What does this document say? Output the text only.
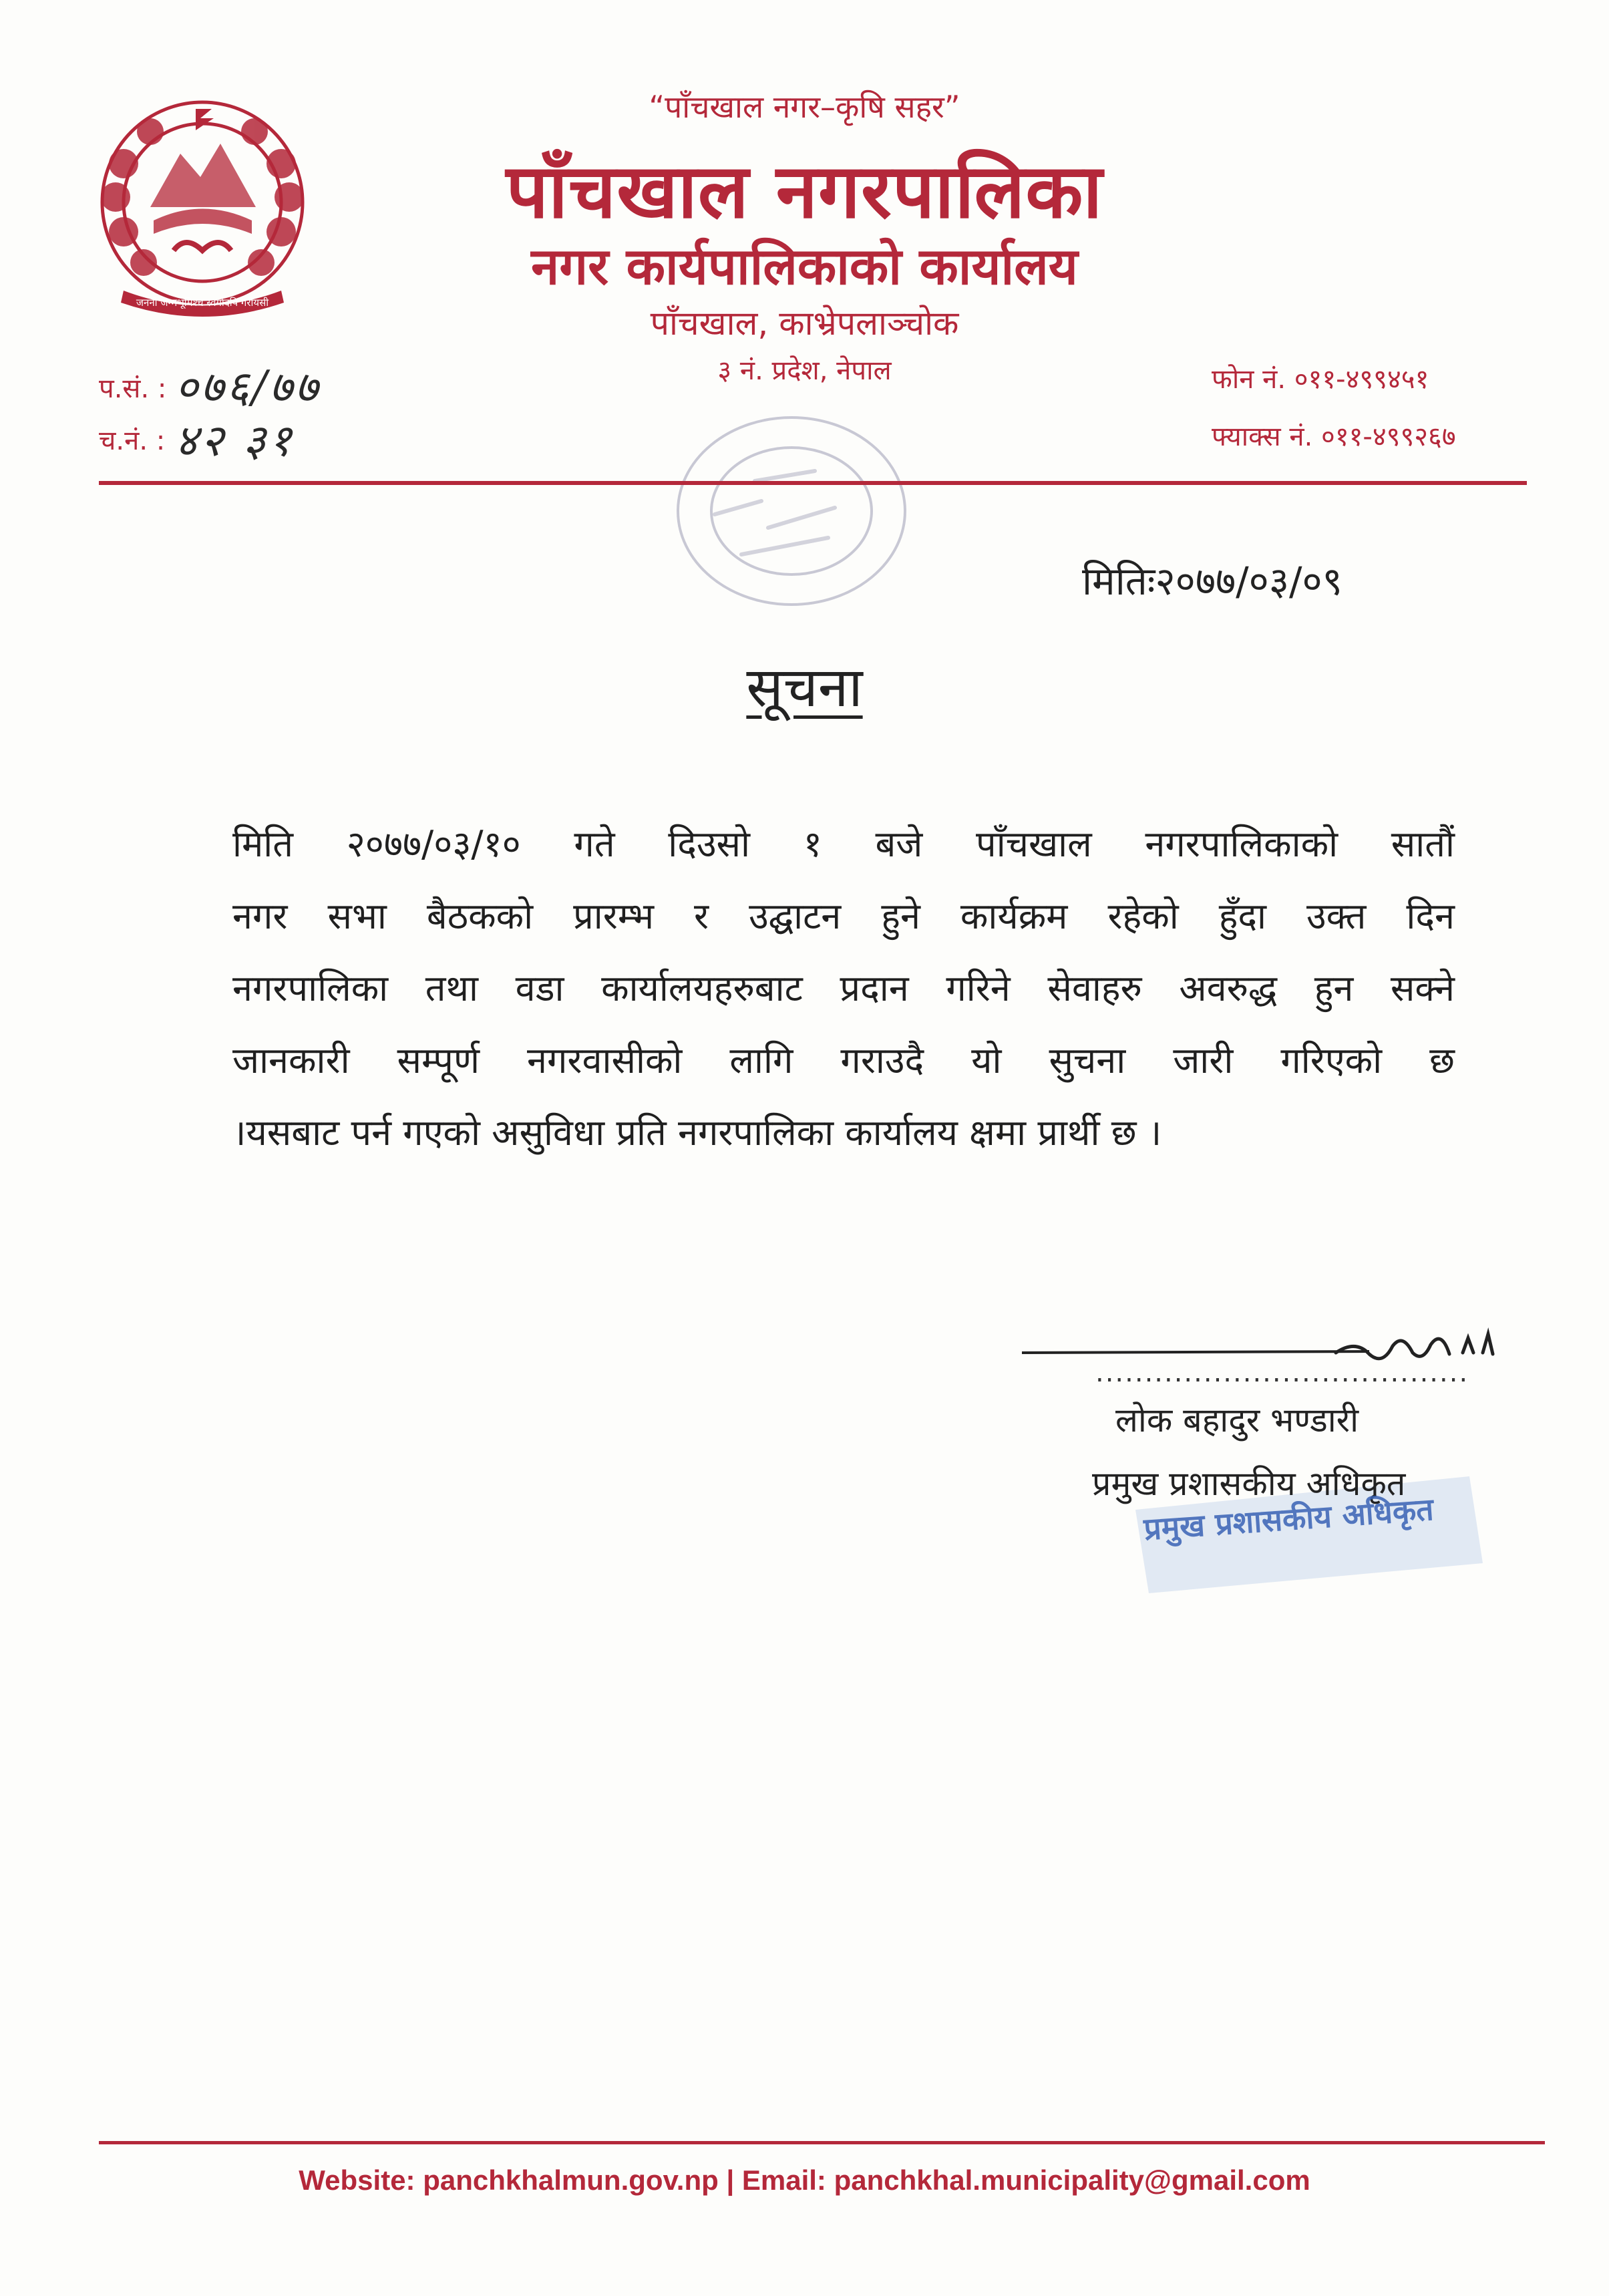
जननी जन्मभूमिश्च स्वर्गादपि गरीयसी
“पाँचखाल नगर–कृषि सहर”
पाँचखाल नगरपालिका
नगर कार्यपालिकाको कार्यालय
पाँचखाल, काभ्रेपलाञ्चोक
३ नं. प्रदेश, नेपाल
प.सं. : ०७६/७७
च.नं. : ४२ ३१
फोन नं. ०११-४९९४५१
फ्याक्स नं. ०११-४९९२६७
मितिः२०७७/०३/०९
सूचना
मिति २०७७/०३/१० गते दिउसो १ बजे पाँचखाल नगरपालिकाको सातौं
नगर सभा बैठकको प्रारम्भ र उद्घाटन हुने कार्यक्रम रहेको हुँदा उक्त दिन
नगरपालिका तथा वडा कार्यालयहरुबाट प्रदान गरिने सेवाहरु अवरुद्ध हुन सक्ने
जानकारी सम्पूर्ण नगरवासीको लागि गराउदै यो सुचना जारी गरिएको छ
।यसबाट पर्न गएको असुविधा प्रति नगरपालिका कार्यालय क्षमा प्रार्थी छ ।
......................................
लोक बहादुर भण्डारी
प्रमुख प्रशासकीय अधिकृत
प्रमुख प्रशासकीय अधिकृत
Website: panchkhalmun.gov.np | Email: panchkhal.municipality@gmail.com
